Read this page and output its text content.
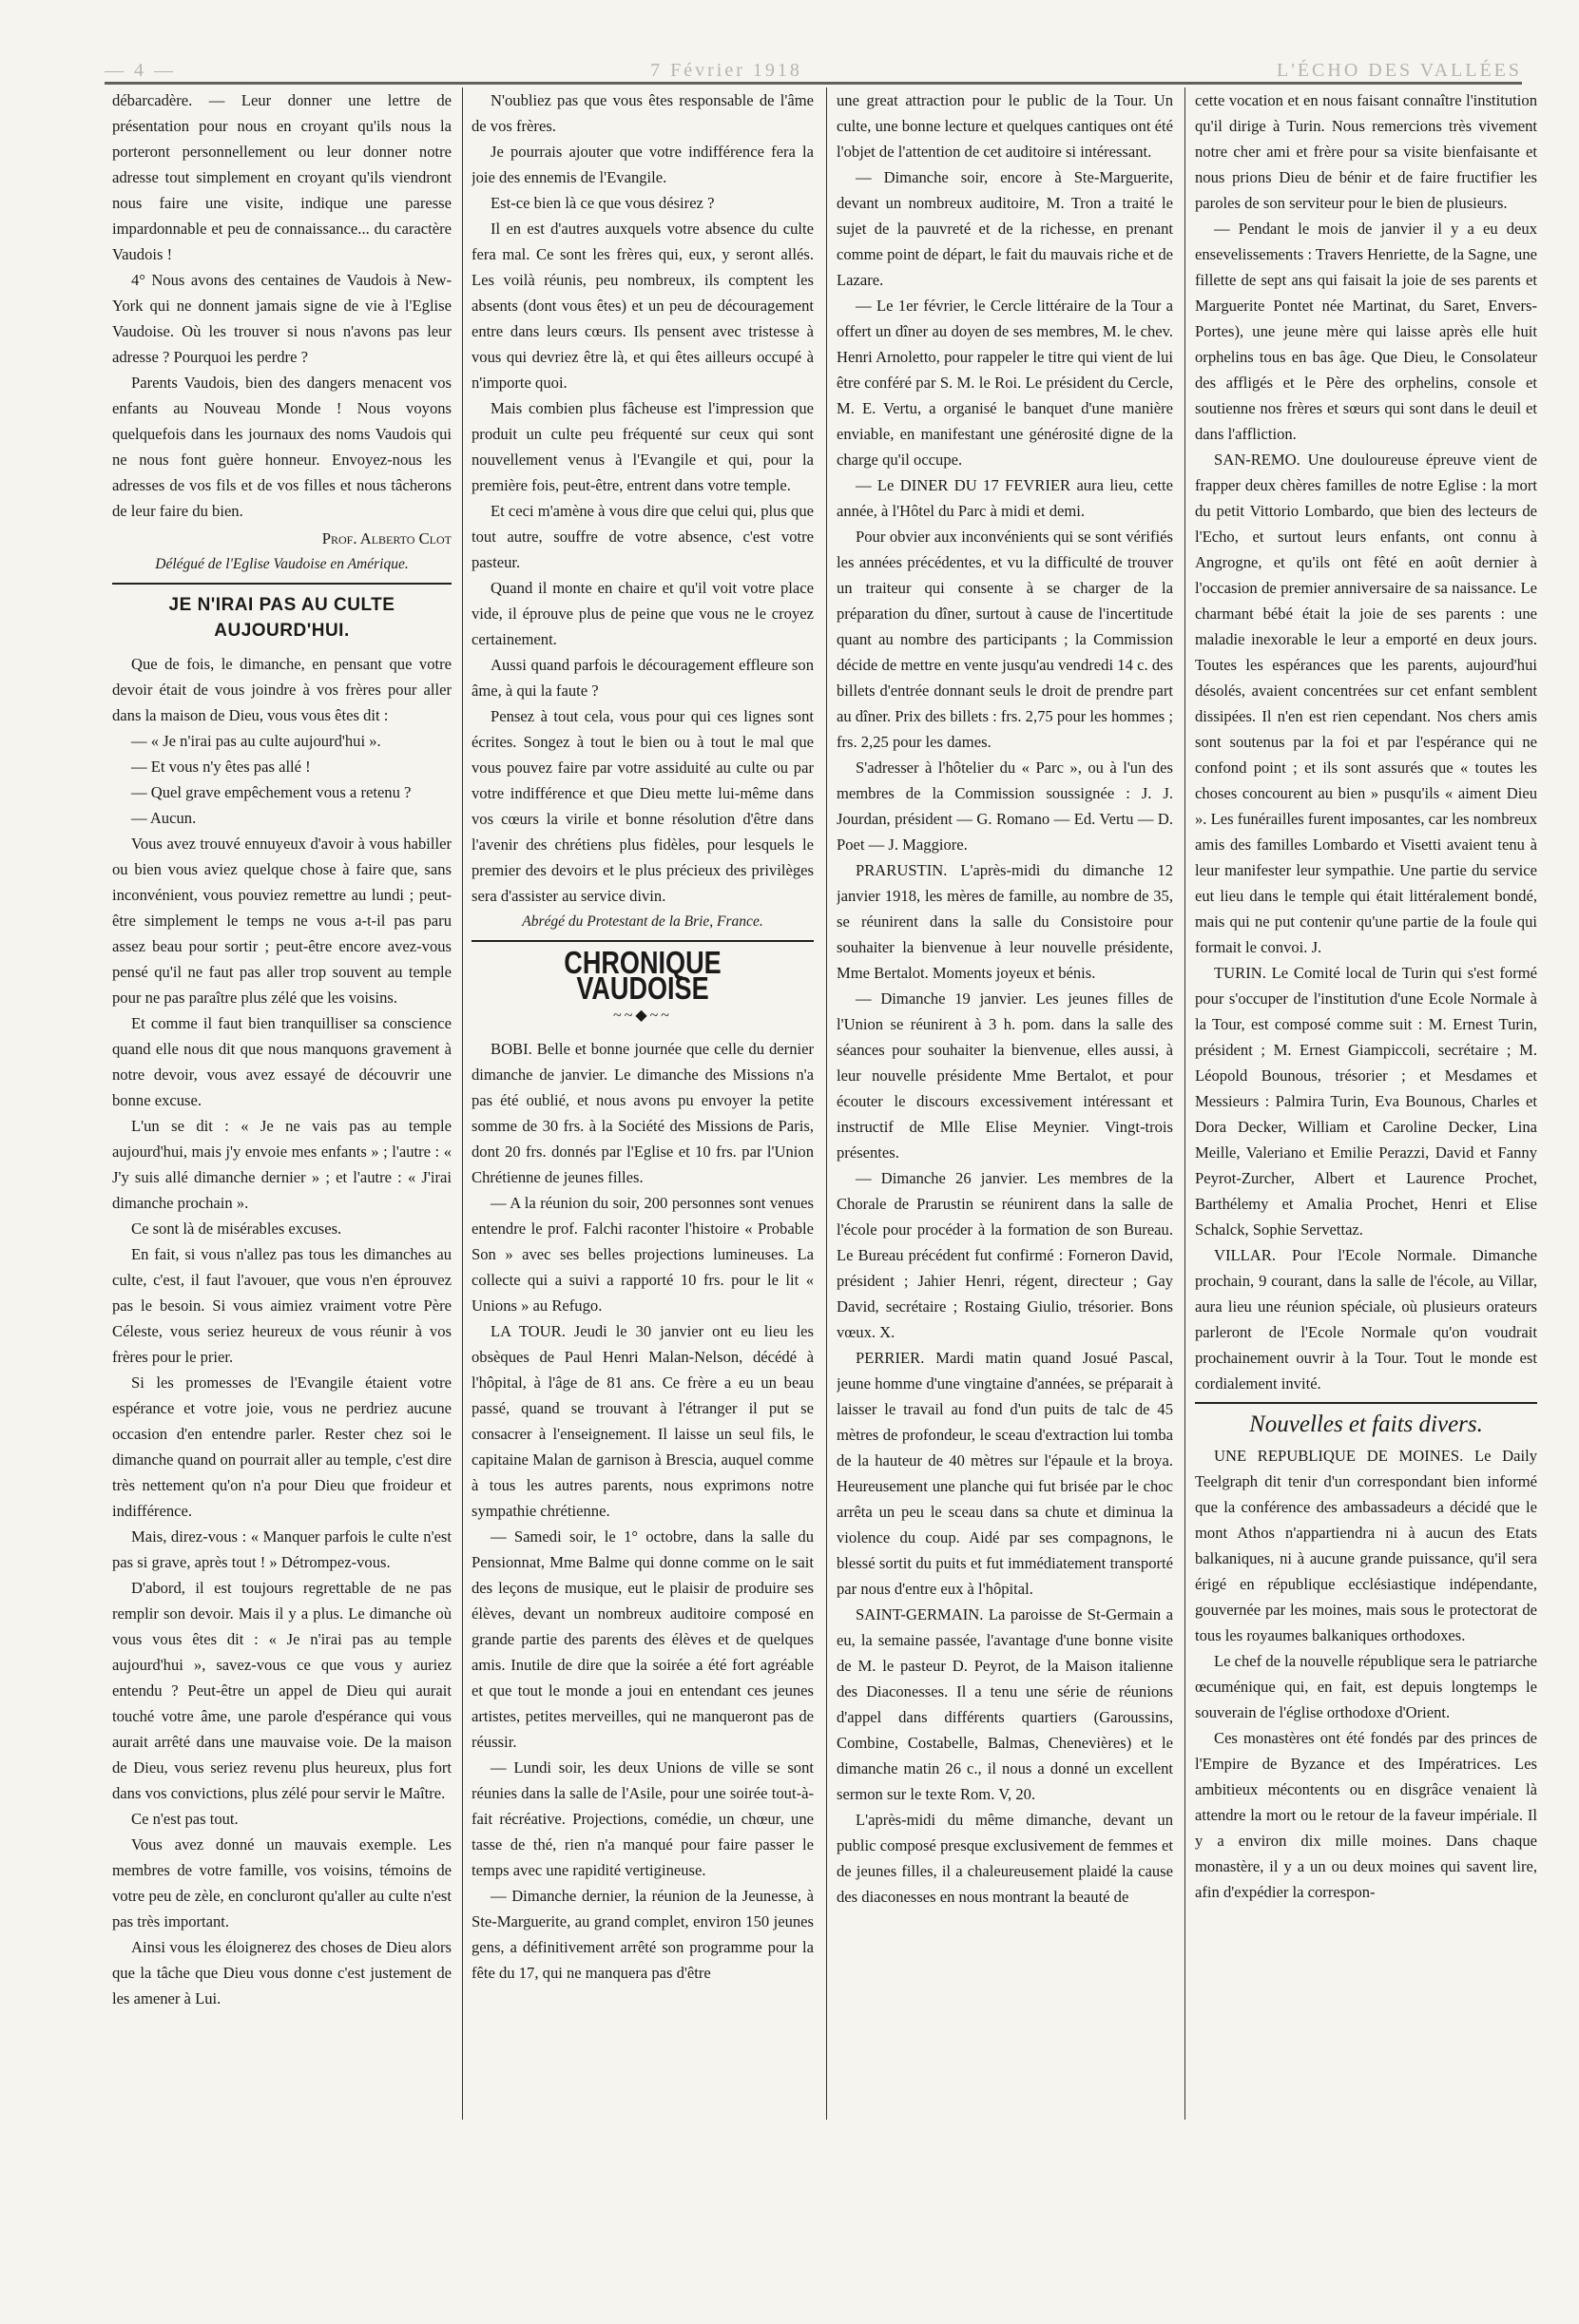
— 4 —	7 Février 1918	L'ÉCHO DES VALLÉES

débarcadère. — Leur donner une lettre de présentation pour nous en croyant qu'ils nous la porteront personnellement ou leur donner notre adresse tout simplement en croyant qu'ils viendront nous faire une visite, indique une paresse impardonnable et peu de connaissance... du caractère Vaudois !

4° Nous avons des centaines de Vaudois à New-York qui ne donnent jamais signe de vie à l'Eglise Vaudoise. Où les trouver si nous n'avons pas leur adresse ? Pourquoi les perdre ?

Parents Vaudois, bien des dangers menacent vos enfants au Nouveau Monde ! Nous voyons quelquefois dans les journaux des noms Vaudois qui ne nous font guère honneur. Envoyez-nous les adresses de vos fils et de vos filles et nous tâcherons de leur faire du bien.

Prof. Alberto Clot
Délégué de l'Eglise Vaudoise en Amérique.
JE N'IRAI PAS AU CULTE AUJOURD'HUI.

Que de fois, le dimanche, en pensant que votre devoir était de vous joindre à vos frères pour aller dans la maison de Dieu, vous vous êtes dit :

— « Je n'irai pas au culte aujourd'hui ».

— Et vous n'y êtes pas allé !

— Quel grave empêchement vous a retenu ?

— Aucun.

Vous avez trouvé ennuyeux d'avoir à vous habiller ou bien vous aviez quelque chose à faire que, sans inconvénient, vous pouviez remettre au lundi ; peut-être simplement le temps ne vous a-t-il pas paru assez beau pour sortir ; peut-être encore avez-vous pensé qu'il ne faut pas aller trop souvent au temple pour ne pas paraître plus zélé que les voisins.

Et comme il faut bien tranquilliser sa conscience quand elle nous dit que nous manquons gravement à notre devoir, vous avez essayé de découvrir une bonne excuse.

L'un se dit : « Je ne vais pas au temple aujourd'hui, mais j'y envoie mes enfants » ; l'autre : « J'y suis allé dimanche dernier » ; et l'autre : « J'irai dimanche prochain ».

Ce sont là de misérables excuses.

En fait, si vous n'allez pas tous les dimanches au culte, c'est, il faut l'avouer, que vous n'en éprouvez pas le besoin. Si vous aimiez vraiment votre Père Céleste, vous seriez heureux de vous réunir à vos frères pour le prier.

Si les promesses de l'Evangile étaient votre espérance et votre joie, vous ne perdriez aucune occasion d'en entendre parler. Rester chez soi le dimanche quand on pourrait aller au temple, c'est dire très nettement qu'on n'a pour Dieu que froideur et indifférence.

Mais, direz-vous : « Manquer parfois le culte n'est pas si grave, après tout ! » Détrompez-vous.

D'abord, il est toujours regrettable de ne pas remplir son devoir. Mais il y a plus. Le dimanche où vous vous êtes dit : « Je n'irai pas au temple aujourd'hui », savez-vous ce que vous y auriez entendu ? Peut-être un appel de Dieu qui aurait touché votre âme, une parole d'espérance qui vous aurait arrêté dans une mauvaise voie. De la maison de Dieu, vous seriez revenu plus heureux, plus fort dans vos convictions, plus zélé pour servir le Maître.

Ce n'est pas tout.

Vous avez donné un mauvais exemple. Les membres de votre famille, vos voisins, témoins de votre peu de zèle, en concluront qu'aller au culte n'est pas très important.

Ainsi vous les éloignerez des choses de Dieu alors que la tâche que Dieu vous donne c'est justement de les amener à Lui.

N'oubliez pas que vous êtes responsable de l'âme de vos frères.

Je pourrais ajouter que votre indifférence fera la joie des ennemis de l'Evangile.

Est-ce bien là ce que vous désirez ?

Il en est d'autres auxquels votre absence du culte fera mal. Ce sont les frères qui, eux, y seront allés. Les voilà réunis, peu nombreux, ils comptent les absents (dont vous êtes) et un peu de découragement entre dans leurs cœurs. Ils pensent avec tristesse à vous qui devriez être là, et qui êtes ailleurs occupé à n'importe quoi.

Mais combien plus fâcheuse est l'impression que produit un culte peu fréquenté sur ceux qui sont nouvellement venus à l'Evangile et qui, pour la première fois, peut-être, entrent dans votre temple.

Et ceci m'amène à vous dire que celui qui, plus que tout autre, souffre de votre absence, c'est votre pasteur.

Quand il monte en chaire et qu'il voit votre place vide, il éprouve plus de peine que vous ne le croyez certainement.

Aussi quand parfois le découragement effleure son âme, à qui la faute ?

Pensez à tout cela, vous pour qui ces lignes sont écrites. Songez à tout le bien ou à tout le mal que vous pouvez faire par votre assiduité au culte ou par votre indifférence et que Dieu mette lui-même dans vos cœurs la virile et bonne résolution d'être dans l'avenir des chrétiens plus fidèles, pour lesquels le premier des devoirs et le plus précieux des privilèges sera d'assister au service divin.

Abrégé du Protestant de la Brie, France.
CHRONIQUE VAUDOISE
~~◆~~

BOBI. Belle et bonne journée que celle du dernier dimanche de janvier. Le dimanche des Missions n'a pas été oublié, et nous avons pu envoyer la petite somme de 30 frs. à la Société des Missions de Paris, dont 20 frs. donnés par l'Eglise et 10 frs. par l'Union Chrétienne de jeunes filles.

— A la réunion du soir, 200 personnes sont venues entendre le prof. Falchi raconter l'histoire « Probable Son » avec ses belles projections lumineuses. La collecte qui a suivi a rapporté 10 frs. pour le lit « Unions » au Refugo.

LA TOUR. Jeudi le 30 janvier ont eu lieu les obsèques de Paul Henri Malan-Nelson, décédé à l'hôpital, à l'âge de 81 ans. Ce frère a eu un beau passé, quand se trouvant à l'étranger il put se consacrer à l'enseignement. Il laisse un seul fils, le capitaine Malan de garnison à Brescia, auquel comme à tous les autres parents, nous exprimons notre sympathie chrétienne.

— Samedi soir, le 1° octobre, dans la salle du Pensionnat, Mme Balme qui donne comme on le sait des leçons de musique, eut le plaisir de produire ses élèves, devant un nombreux auditoire composé en grande partie des parents des élèves et de quelques amis. Inutile de dire que la soirée a été fort agréable et que tout le monde a joui en entendant ces jeunes artistes, petites merveilles, qui ne manqueront pas de réussir.

— Lundi soir, les deux Unions de ville se sont réunies dans la salle de l'Asile, pour une soirée tout-à-fait récréative. Projections, comédie, un chœur, une tasse de thé, rien n'a manqué pour faire passer le temps avec une rapidité vertigineuse.

— Dimanche dernier, la réunion de la Jeunesse, à Ste-Marguerite, au grand complet, environ 150 jeunes gens, a définitivement arrêté son programme pour la fête du 17, qui ne manquera pas d'être

une great attraction pour le public de la Tour. Un culte, une bonne lecture et quelques cantiques ont été l'objet de l'attention de cet auditoire si intéressant.

— Dimanche soir, encore à Ste-Marguerite, devant un nombreux auditoire, M. Tron a traité le sujet de la pauvreté et de la richesse, en prenant comme point de départ, le fait du mauvais riche et de Lazare.

— Le 1er février, le Cercle littéraire de la Tour a offert un dîner au doyen de ses membres, M. le chev. Henri Arnoletto, pour rappeler le titre qui vient de lui être conféré par S. M. le Roi. Le président du Cercle, M. E. Vertu, a organisé le banquet d'une manière enviable, en manifestant une générosité digne de la charge qu'il occupe.

— Le DINER DU 17 FEVRIER aura lieu, cette année, à l'Hôtel du Parc à midi et demi.

Pour obvier aux inconvénients qui se sont vérifiés les années précédentes, et vu la difficulté de trouver un traiteur qui consente à se charger de la préparation du dîner, surtout à cause de l'incertitude quant au nombre des participants ; la Commission décide de mettre en vente jusqu'au vendredi 14 c. des billets d'entrée donnant seuls le droit de prendre part au dîner. Prix des billets : frs. 2,75 pour les hommes ; frs. 2,25 pour les dames.

S'adresser à l'hôtelier du « Parc », ou à l'un des membres de la Commission soussignée : J. J. Jourdan, président — G. Romano — Ed. Vertu — D. Poet — J. Maggiore.

PRARUSTIN. L'après-midi du dimanche 12 janvier 1918, les mères de famille, au nombre de 35, se réunirent dans la salle du Consistoire pour souhaiter la bienvenue à leur nouvelle présidente, Mme Bertalot. Moments joyeux et bénis.

— Dimanche 19 janvier. Les jeunes filles de l'Union se réunirent à 3 h. pom. dans la salle des séances pour souhaiter la bienvenue, elles aussi, à leur nouvelle présidente Mme Bertalot, et pour écouter le discours excessivement intéressant et instructif de Mlle Elise Meynier. Vingt-trois présentes.

— Dimanche 26 janvier. Les membres de la Chorale de Prarustin se réunirent dans la salle de l'école pour procéder à la formation de son Bureau. Le Bureau précédent fut confirmé : Forneron David, président ; Jahier Henri, régent, directeur ; Gay David, secrétaire ; Rostaing Giulio, trésorier. Bons vœux. X.

PERRIER. Mardi matin quand Josué Pascal, jeune homme d'une vingtaine d'années, se préparait à laisser le travail au fond d'un puits de talc de 45 mètres de profondeur, le sceau d'extraction lui tomba de la hauteur de 40 mètres sur l'épaule et la broya. Heureusement une planche qui fut brisée par le choc arrêta un peu le sceau dans sa chute et diminua la violence du coup. Aidé par ses compagnons, le blessé sortit du puits et fut immédiatement transporté par nous d'entre eux à l'hôpital.

SAINT-GERMAIN. La paroisse de St-Germain a eu, la semaine passée, l'avantage d'une bonne visite de M. le pasteur D. Peyrot, de la Maison italienne des Diaconesses. Il a tenu une série de réunions d'appel dans différents quartiers (Garoussins, Combine, Costabelle, Balmas, Chenevières) et le dimanche matin 26 c., il nous a donné un excellent sermon sur le texte Rom. V, 20.

L'après-midi du même dimanche, devant un public composé presque exclusivement de femmes et de jeunes filles, il a chaleureusement plaidé la cause des diaconesses en nous montrant la beauté de

cette vocation et en nous faisant connaître l'institution qu'il dirige à Turin. Nous remercions très vivement notre cher ami et frère pour sa visite bienfaisante et nous prions Dieu de bénir et de faire fructifier les paroles de son serviteur pour le bien de plusieurs.

— Pendant le mois de janvier il y a eu deux ensevelissements : Travers Henriette, de la Sagne, une fillette de sept ans qui faisait la joie de ses parents et Marguerite Pontet née Martinat, du Saret, Envers-Portes), une jeune mère qui laisse après elle huit orphelins tous en bas âge. Que Dieu, le Consolateur des affligés et le Père des orphelins, console et soutienne nos frères et sœurs qui sont dans le deuil et dans l'affliction.

SAN-REMO. Une douloureuse épreuve vient de frapper deux chères familles de notre Eglise : la mort du petit Vittorio Lombardo, que bien des lecteurs de l'Echo, et surtout leurs enfants, ont connu à Angrogne, et qu'ils ont fêté en août dernier à l'occasion de premier anniversaire de sa naissance. Le charmant bébé était la joie de ses parents : une maladie inexorable le leur a emporté en deux jours. Toutes les espérances que les parents, aujourd'hui désolés, avaient concentrées sur cet enfant semblent dissipées. Il n'en est rien cependant. Nos chers amis sont soutenus par la foi et par l'espérance qui ne confond point ; et ils sont assurés que « toutes les choses concourent au bien » pusqu'ils « aiment Dieu ». Les funérailles furent imposantes, car les nombreux amis des familles Lombardo et Visetti avaient tenu à leur manifester leur sympathie. Une partie du service eut lieu dans le temple qui était littéralement bondé, mais qui ne put contenir qu'une partie de la foule qui formait le convoi. J.

TURIN. Le Comité local de Turin qui s'est formé pour s'occuper de l'institution d'une Ecole Normale à la Tour, est composé comme suit : M. Ernest Turin, président ; M. Ernest Giampiccoli, secrétaire ; M. Léopold Bounous, trésorier ; et Mesdames et Messieurs : Palmira Turin, Eva Bounous, Charles et Dora Decker, William et Caroline Decker, Lina Meille, Valeriano et Emilie Perazzi, David et Fanny Peyrot-Zurcher, Albert et Laurence Prochet, Barthélemy et Amalia Prochet, Henri et Elise Schalck, Sophie Servettaz.

VILLAR. Pour l'Ecole Normale. Dimanche prochain, 9 courant, dans la salle de l'école, au Villar, aura lieu une réunion spéciale, où plusieurs orateurs parleront de l'Ecole Normale qu'on voudrait prochainement ouvrir à la Tour. Tout le monde est cordialement invité.

Nouvelles et faits divers.

UNE REPUBLIQUE DE MOINES. Le Daily Teelgraph dit tenir d'un correspondant bien informé que la conférence des ambassadeurs a décidé que le mont Athos n'appartiendra ni à aucun des Etats balkaniques, ni à aucune grande puissance, qu'il sera érigé en république ecclésiastique indépendante, gouvernée par les moines, mais sous le protectorat de tous les royaumes balkaniques orthodoxes.

Le chef de la nouvelle république sera le patriarche œcuménique qui, en fait, est depuis longtemps le souverain de l'église orthodoxe d'Orient.

Ces monastères ont été fondés par des princes de l'Empire de Byzance et des Impératrices. Les ambitieux mécontents ou en disgrâce venaient là attendre la mort ou le retour de la faveur impériale. Il y a environ dix mille moines. Dans chaque monastère, il y a un ou deux moines qui savent lire, afin d'expédier la correspon-
